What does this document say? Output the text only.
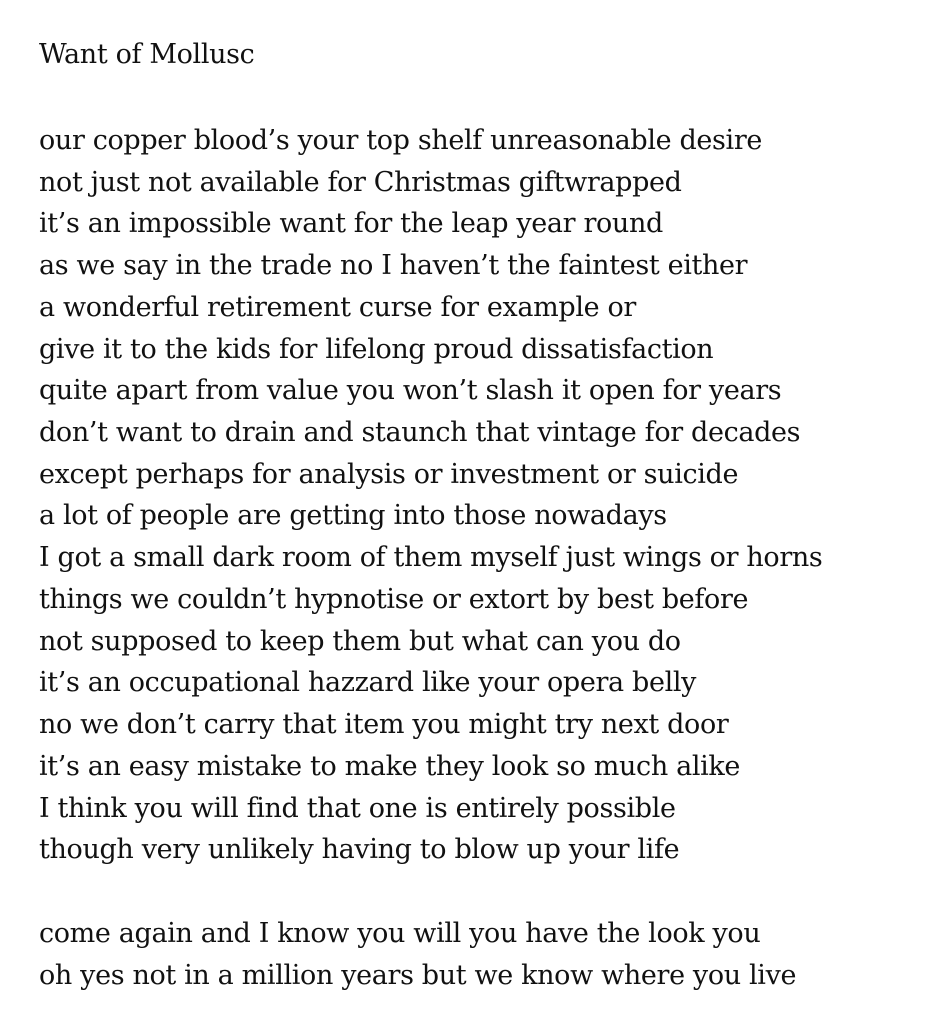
Want of Mollusc
our copper blood’s your top shelf unreasonable desire
not just not available for Christmas giftwrapped
it’s an impossible want for the leap year round
as we say in the trade no I haven’t the faintest either
a wonderful retirement curse for example or
give it to the kids for lifelong proud dissatisfaction
quite apart from value you won’t slash it open for years
don’t want to drain and staunch that vintage for decades
except perhaps for analysis or investment or suicide
a lot of people are getting into those nowadays
I got a small dark room of them myself just wings or horns
things we couldn’t hypnotise or extort by best before
not supposed to keep them but what can you do
it’s an occupational hazzard like your opera belly
no we don’t carry that item you might try next door
it’s an easy mistake to make they look so much alike
I think you will find that one is entirely possible
though very unlikely having to blow up your life
come again and I know you will you have the look you
oh yes not in a million years but we know where you live
